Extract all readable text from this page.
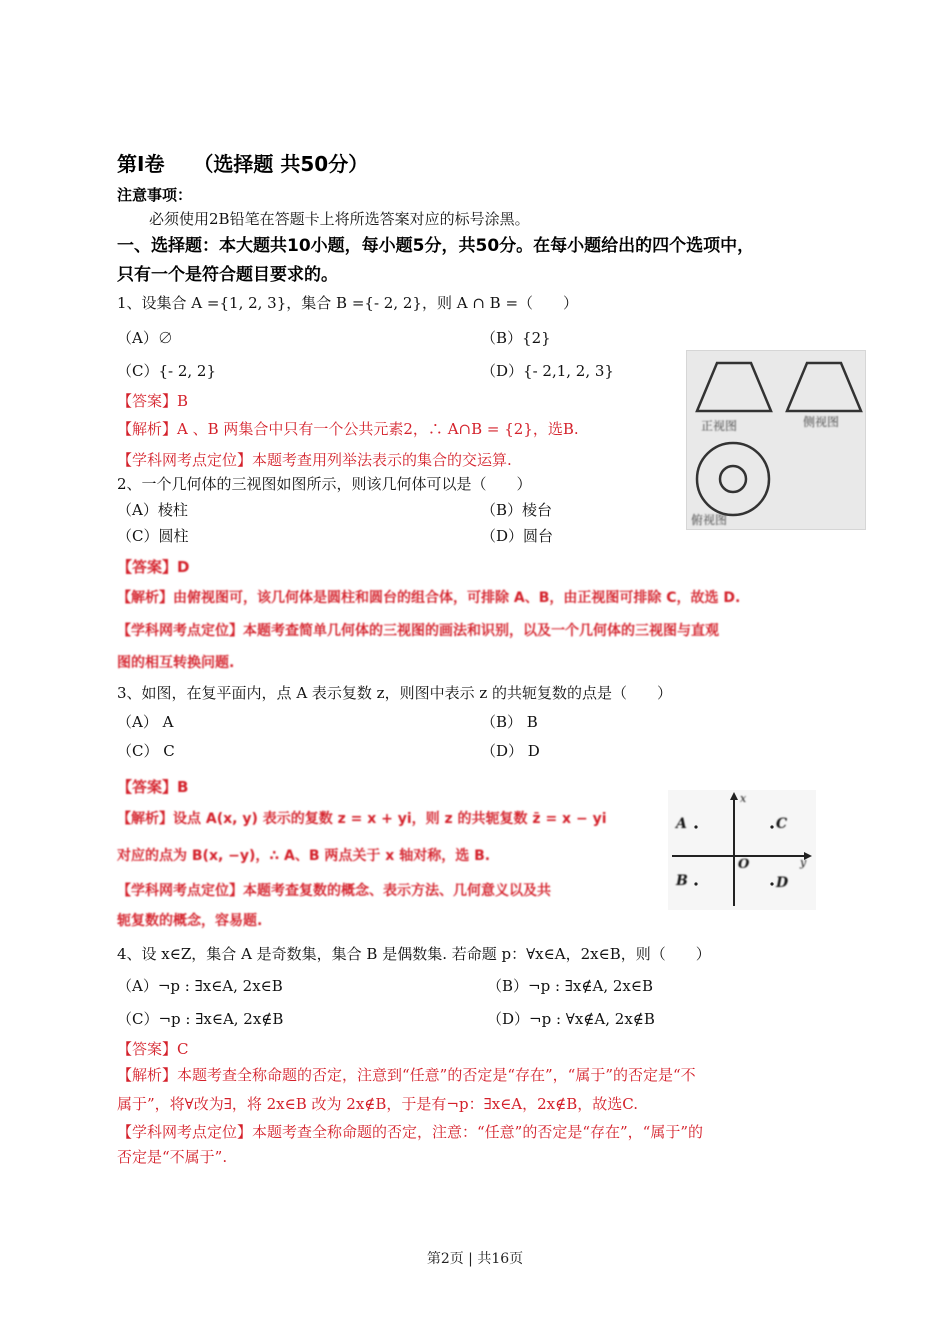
第Ⅰ卷 （选择题 共50分）
注意事项：
必须使用2B铅笔在答题卡上将所选答案对应的标号涂黑。
一、选择题：本大题共10小题，每小题5分，共50分。在每小题给出的四个选项中，
只有一个是符合题目要求的。
1、设集合 A ={1, 2, 3}，集合 B ={- 2, 2}，则 A ∩ B =（　　）
（A）∅	（B）{2}
（C）{- 2, 2}	（D）{- 2,1, 2, 3}
【答案】B
【解析】A 、B 两集合中只有一个公共元素2，∴ A∩B = {2}，选B.
【学科网考点定位】本题考查用列举法表示的集合的交运算.
正视图	侧视图
俯视图
2、一个几何体的三视图如图所示，则该几何体可以是（　　）
（A）棱柱	（B）棱台
（C）圆柱	（D）圆台
【答案】D
【解析】由俯视图可，该几何体是圆柱和圆台的组合体，可排除 A、B，由正视图可排除 C，故选 D.
【学科网考点定位】本题考查简单几何体的三视图的画法和识别，以及一个几何体的三视图与直观
图的相互转换问题.
3、如图，在复平面内，点 A 表示复数 z，则图中表示 z 的共轭复数的点是（　　）
（A） A	（B） B
（C） C	（D） D
【答案】B
【解析】设点 A(x, y) 表示的复数 z = x + yi，则 z 的共轭复数 z̄ = x − yi
对应的点为 B(x, −y)，∴ A、B 两点关于 x 轴对称，选 B.
【学科网考点定位】本题考查复数的概念、表示方法、几何意义以及共
轭复数的概念，容易题.
A	C
B	D
O
x
y
4、设 x∈Z，集合 A 是奇数集，集合 B 是偶数集. 若命题 p：∀x∈A，2x∈B，则（　　）
（A）¬p : ∃x∈A, 2x∈B	（B）¬p : ∃x∉A, 2x∈B
（C）¬p : ∃x∈A, 2x∉B	（D）¬p : ∀x∉A, 2x∉B
【答案】C
【解析】本题考查全称命题的否定，注意到“任意”的否定是“存在”，“属于”的否定是“不
属于”，将∀改为∃，将 2x∈B 改为 2x∉B，于是有¬p：∃x∈A，2x∉B，故选C.
【学科网考点定位】本题考查全称命题的否定，注意：“任意”的否定是“存在”，“属于”的
否定是“不属于”.
第2页 | 共16页
